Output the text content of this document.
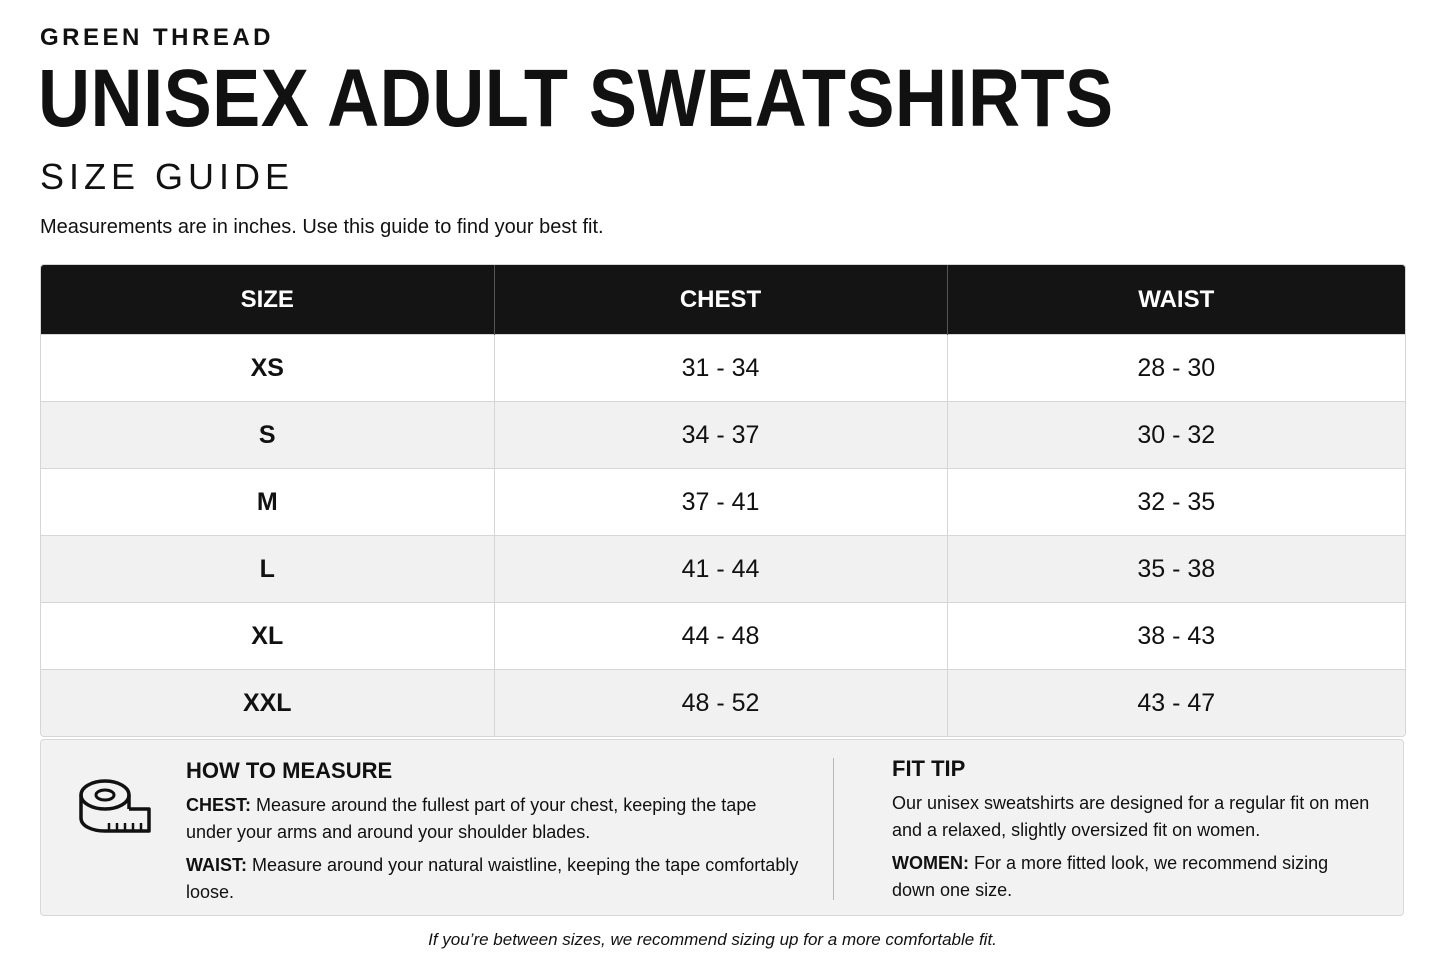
GREEN THREAD
UNISEX ADULT SWEATSHIRTS
SIZE GUIDE
Measurements are in inches. Use this guide to find your best fit.
SIZE	CHEST	WAIST
XS	31 - 34	28 - 30
S	34 - 37	30 - 32
M	37 - 41	32 - 35
L	41 - 44	35 - 38
XL	44 - 48	38 - 43
XXL	48 - 52	43 - 47
HOW TO MEASURE
CHEST: Measure around the fullest part of your chest, keeping the tape under your arms and around your shoulder blades.
WAIST: Measure around your natural waistline, keeping the tape comfortably loose.
FIT TIP
Our unisex sweatshirts are designed for a regular fit on men and a relaxed, slightly oversized fit on women.
WOMEN: For a more fitted look, we recommend sizing down one size.
If you’re between sizes, we recommend sizing up for a more comfortable fit.
